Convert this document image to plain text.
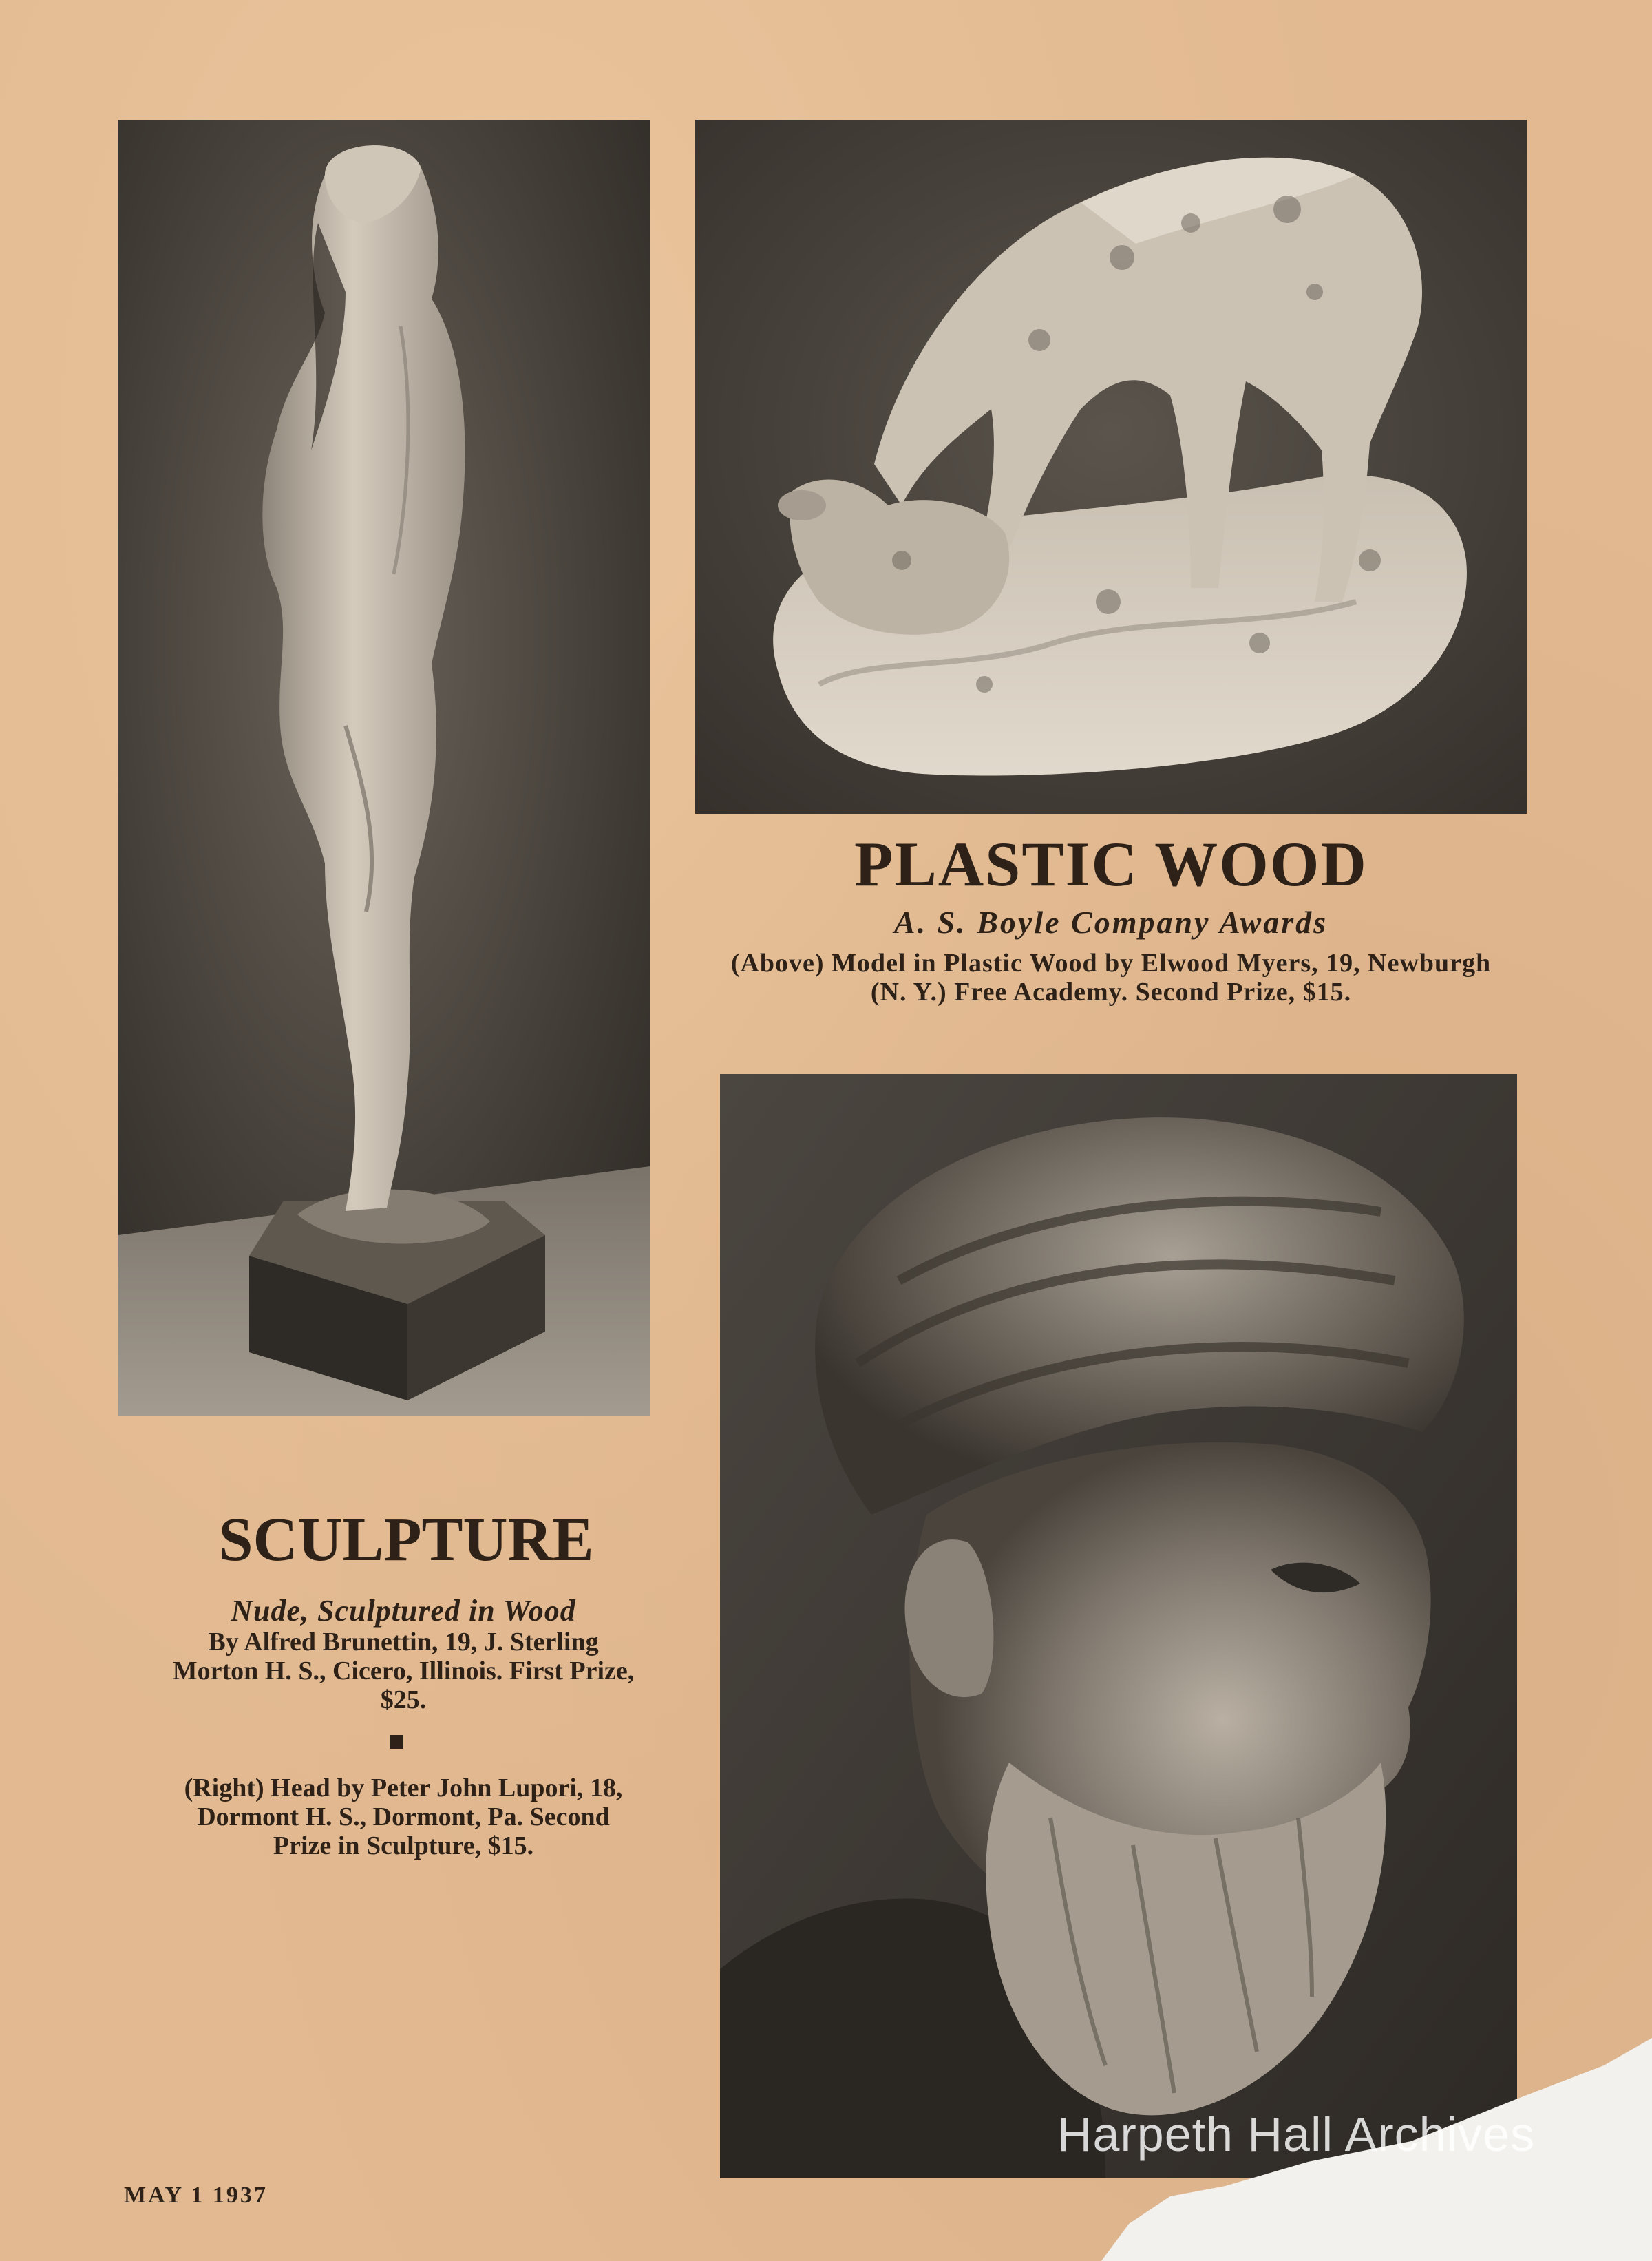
PLASTIC WOOD
A. S. Boyle Company Awards
(Above) Model in Plastic Wood by Elwood Myers, 19, Newburgh (N. Y.) Free Academy. Second Prize, $15.
SCULPTURE
Nude, Sculptured in Wood
By Alfred Brunettin, 19, J. Sterling Morton H. S., Cicero, Illinois. First Prize, $25.
(Right) Head by Peter John Lupori, 18, Dormont H. S., Dormont, Pa. Second Prize in Sculpture, $15.
MAY 1 1937
Harpeth Hall Archives
